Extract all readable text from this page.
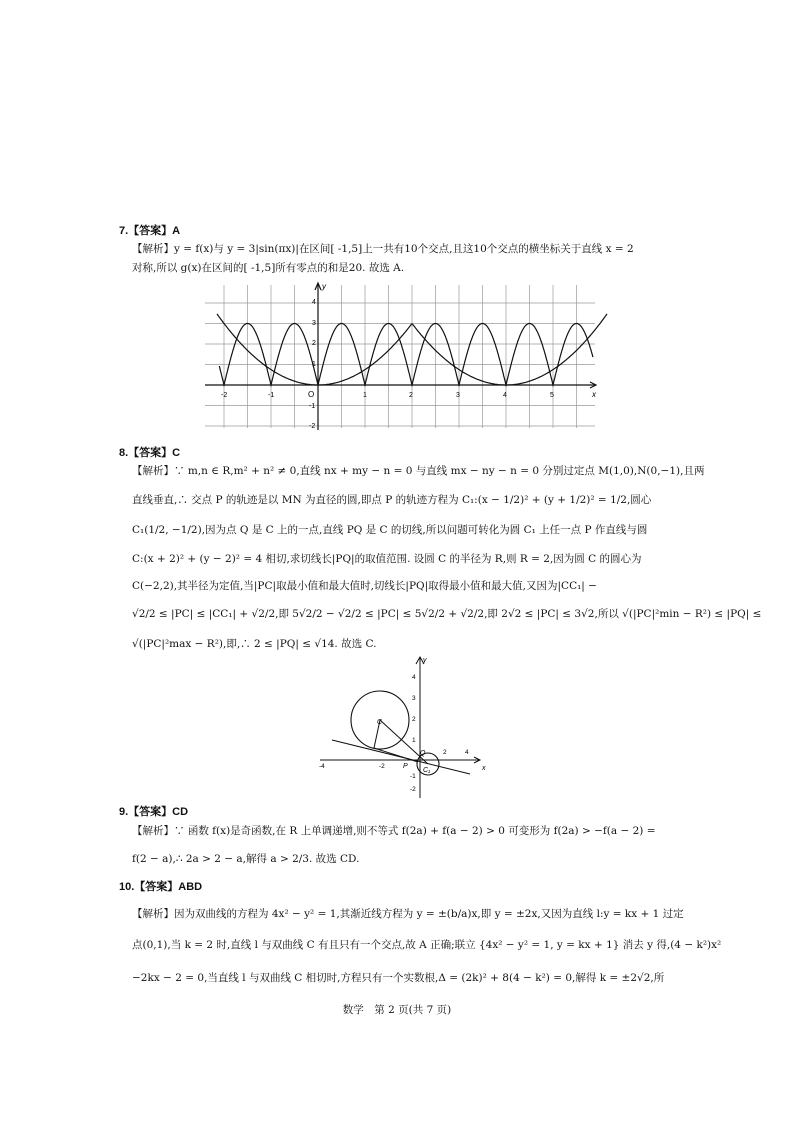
7.【答案】A
【解析】y = f(x)与 y = 3|sin(πx)|在区间[ -1,5]上一共有10个交点,且这10个交点的横坐标关于直线 x = 2
对称,所以 g(x)在区间的[ -1,5]所有零点的和是20. 故选 A.
x
y
O
-2	-1	1	2	3	4	5
4
3
2
1
-1
-2
8.【答案】C
【解析】∵ m,n ∈ R,m² + n² ≠ 0,直线 nx + my − n = 0 与直线 mx − ny − n = 0 分别过定点 M(1,0),N(0,−1),且两
直线垂直,∴ 交点 P 的轨迹是以 MN 为直径的圆,即点 P 的轨迹方程为 C₁:(x − 1/2)² + (y + 1/2)² = 1/2,圆心
C₁(1/2, −1/2),因为点 Q 是 C 上的一点,直线 PQ 是 C 的切线,所以问题可转化为圆 C₁ 上任一点 P 作直线与圆
C:(x + 2)² + (y − 2)² = 4 相切,求切线长|PQ|的取值范围. 设圆 C 的半径为 R,则 R = 2,因为圆 C 的圆心为
C(−2,2),其半径为定值,当|PC|取最小值和最大值时,切线长|PQ|取得最小值和最大值,又因为|CC₁| −
√2/2 ≤ |PC| ≤ |CC₁| + √2/2,即 5√2/2 − √2/2 ≤ |PC| ≤ 5√2/2 + √2/2,即 2√2 ≤ |PC| ≤ 3√2,所以 √(|PC|²min − R²) ≤ |PQ| ≤
√(|PC|²max − R²),即,∴ 2 ≤ |PQ| ≤ √14. 故选 C.
C
P
Q
C₁	x
y
-4	-2
2	4
4
3
2
1
-1
-2
9.【答案】CD
【解析】∵ 函数 f(x)是奇函数,在 R 上单调递增,则不等式 f(2a) + f(a − 2) > 0 可变形为 f(2a) > −f(a − 2) =
f(2 − a),∴ 2a > 2 − a,解得 a > 2/3. 故选 CD.
10.【答案】ABD
【解析】因为双曲线的方程为 4x² − y² = 1,其渐近线方程为 y = ±(b/a)x,即 y = ±2x,又因为直线 l:y = kx + 1 过定
点(0,1),当 k = 2 时,直线 l 与双曲线 C 有且只有一个交点,故 A 正确;联立 {4x² − y² = 1, y = kx + 1} 消去 y 得,(4 − k²)x²
−2kx − 2 = 0,当直线 l 与双曲线 C 相切时,方程只有一个实数根,Δ = (2k)² + 8(4 − k²) = 0,解得 k = ±2√2,所
数学　第 2 页(共 7 页)
